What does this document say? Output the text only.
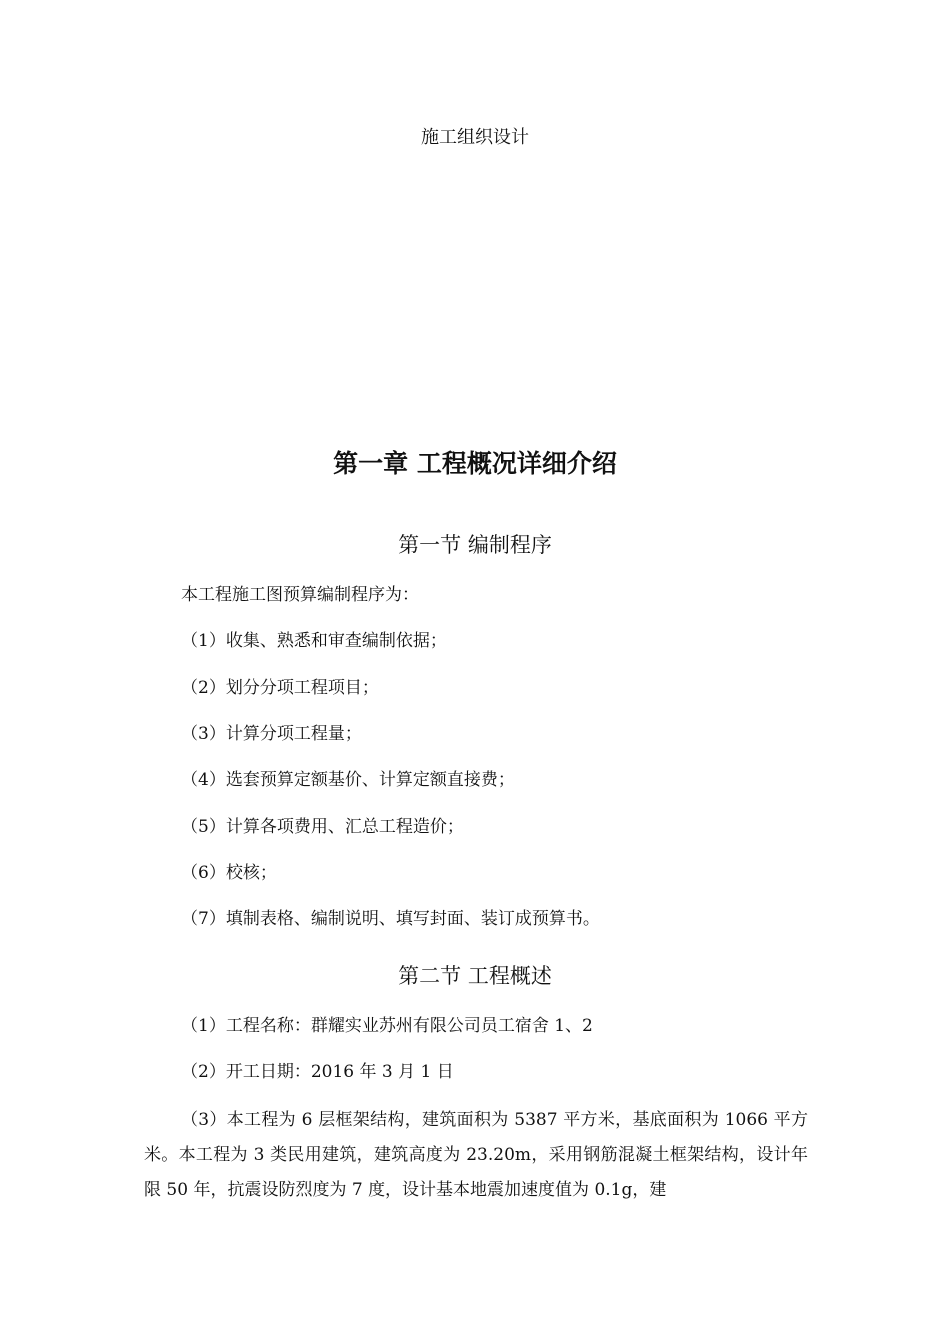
施工组织设计
第一章 工程概况详细介绍
第一节 编制程序
本工程施工图预算编制程序为：
（1）收集、熟悉和审查编制依据；
（2）划分分项工程项目；
（3）计算分项工程量；
（4）选套预算定额基价、计算定额直接费；
（5）计算各项费用、汇总工程造价；
（6）校核；
（7）填制表格、编制说明、填写封面、装订成预算书。
第二节 工程概述
（1）工程名称：群耀实业苏州有限公司员工宿舍 1、2
（2）开工日期：2016 年 3 月 1 日
（3）本工程为 6 层框架结构，建筑面积为 5387 平方米，基底面积为 1066 平方米。本工程为 3 类民用建筑，建筑高度为 23.20m，采用钢筋混凝土框架结构，设计年限 50 年，抗震设防烈度为 7 度，设计基本地震加速度值为 0.1g，建
